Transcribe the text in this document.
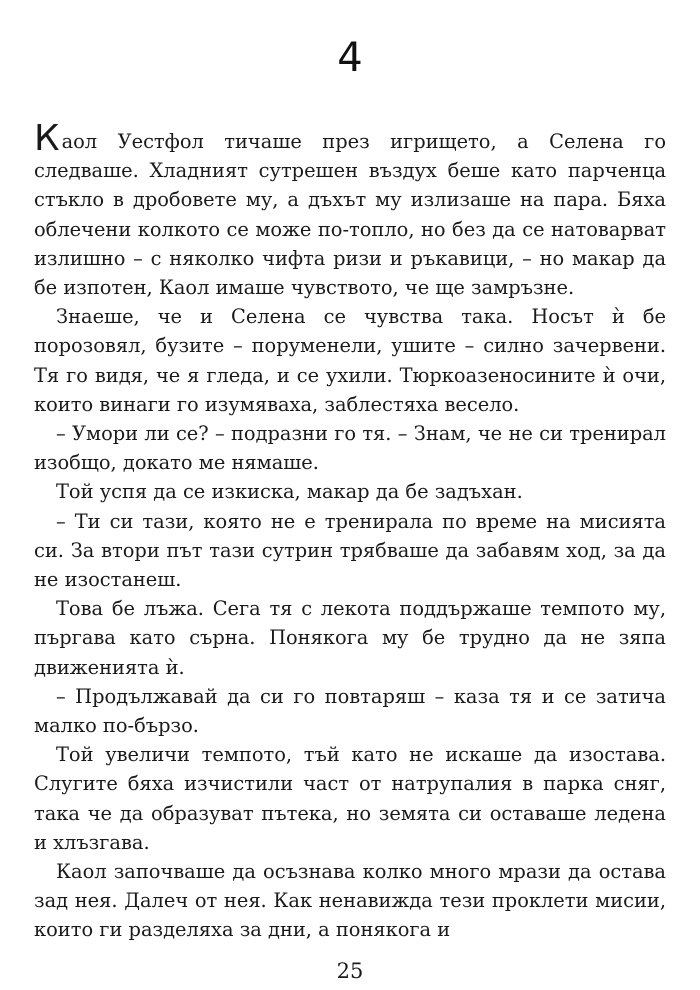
4

Каол Уестфол тичаше през игрището, а Селена го следваше. Хладният сутрешен въздух беше като парченца стъкло в дробовете му, а дъхът му излизаше на пара. Бяха облечени колкото се може по-топло, но без да се натоварват излишно – с няколко чифта ризи и ръкавици, – но макар да бе изпотен, Каол имаше чувството, че ще замръзне.

Знаеше, че и Селена се чувства така. Носът ѝ бе порозовял, бузите – поруменели, ушите – силно зачервени. Тя го видя, че я гледа, и се ухили. Тюркоазеносините ѝ очи, които винаги го изумяваха, заблестяха весело.

– Умори ли се? – подразни го тя. – Знам, че не си тренирал изобщо, докато ме нямаше.

Той успя да се изкиска, макар да бе задъхан.

– Ти си тази, която не е тренирала по време на мисията си. За втори път тази сутрин трябваше да забавям ход, за да не изостанеш.

Това бе лъжа. Сега тя с лекота поддържаше темпото му, пъргава като сърна. Понякога му бе трудно да не зяпа движенията ѝ.

– Продължавай да си го повтаряш – каза тя и се затича малко по-бързо.

Той увеличи темпото, тъй като не искаше да изостава. Слугите бяха изчистили част от натрупалия в парка сняг, така че да образуват пътека, но земята си оставаше ледена и хлъзгава.

Каол започваше да осъзнава колко много мрази да остава зад нея. Далеч от нея. Как ненавижда тези проклети мисии, които ги разделяха за дни, а понякога и

25
